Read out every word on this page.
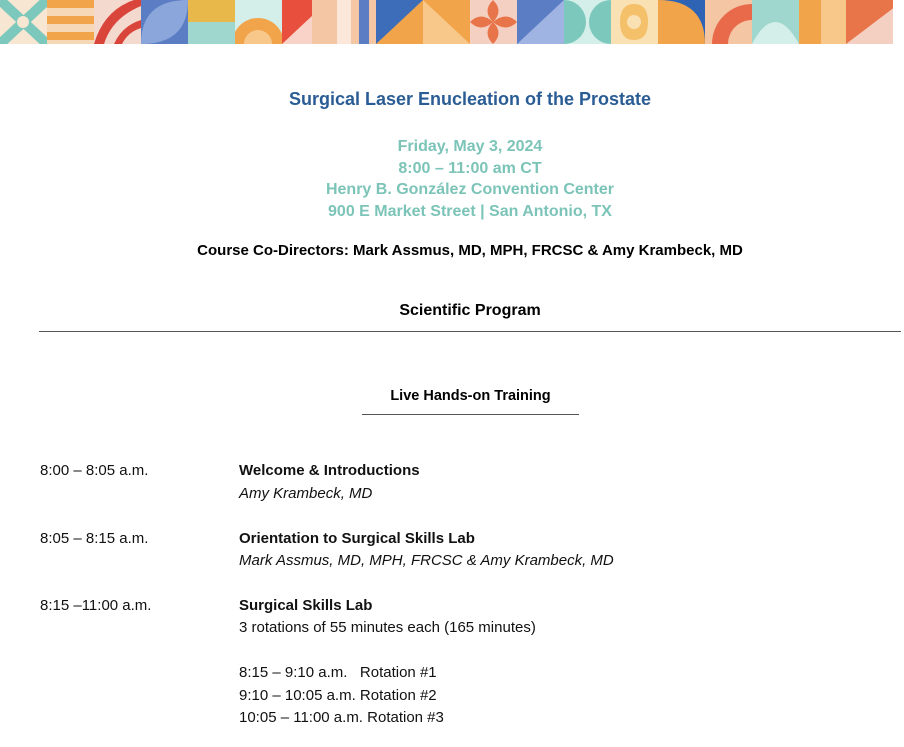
Surgical Laser Enucleation of the Prostate
Friday, May 3, 2024
8:00 – 11:00 am CT
Henry B. González Convention Center
900 E Market Street | San Antonio, TX
Course Co-Directors: Mark Assmus, MD, MPH, FRCSC & Amy Krambeck, MD
Scientific Program
Live Hands-on Training
8:00 – 8:05 a.m.	Welcome & Introductions
Amy Krambeck, MD
8:05 – 8:15 a.m.	Orientation to Surgical Skills Lab
Mark Assmus, MD, MPH, FRCSC & Amy Krambeck, MD
8:15 –11:00 a.m.	Surgical Skills Lab
3 rotations of 55 minutes each (165 minutes)
8:15 – 9:10 a.m.   Rotation #1
9:10 – 10:05 a.m. Rotation #2
10:05 – 11:00 a.m. Rotation #3
